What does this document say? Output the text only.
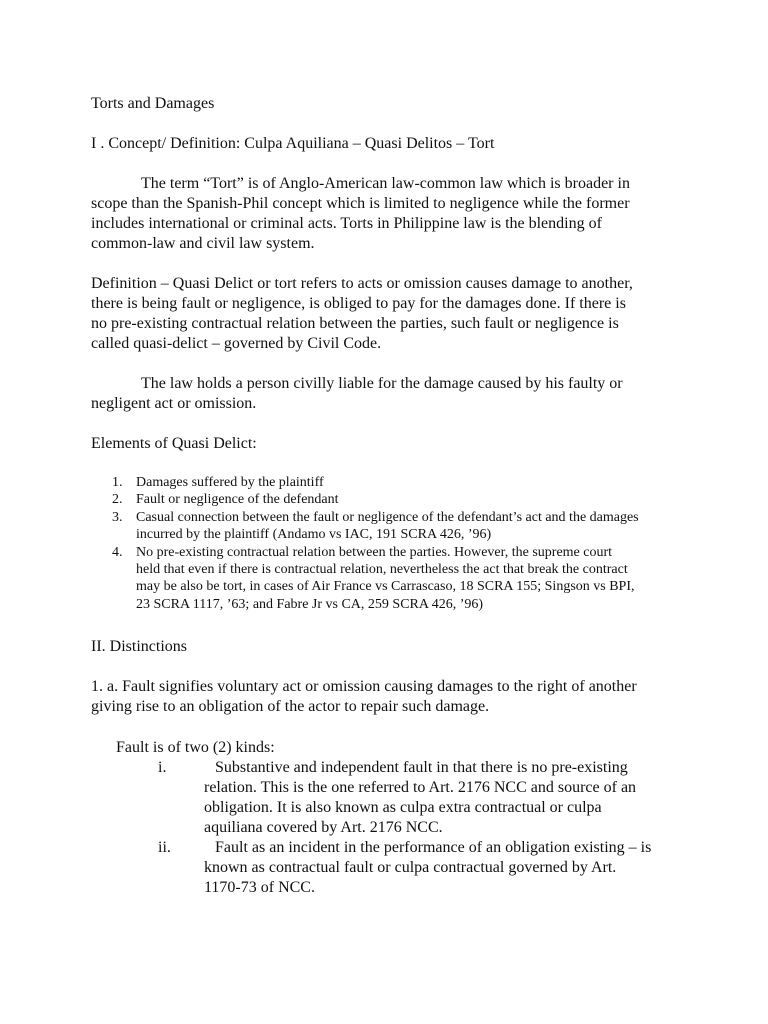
Torts and Damages

I . Concept/ Definition: Culpa Aquiliana – Quasi Delitos – Tort

The term “Tort” is of Anglo-American law-common law which is broader in

scope than the Spanish-Phil concept which is limited to negligence while the former

includes international or criminal acts. Torts in Philippine law is the blending of

common-law and civil law system.

Definition – Quasi Delict or tort refers to acts or omission causes damage to another,

there is being fault or negligence, is obliged to pay for the damages done. If there is

no pre-existing contractual relation between the parties, such fault or negligence is

called quasi-delict – governed by Civil Code.

The law holds a person civilly liable for the damage caused by his faulty or

negligent act or omission.

Elements of Quasi Delict:

1. Damages suffered by the plaintiff
2. Fault or negligence of the defendant
3. Casual connection between the fault or negligence of the defendant’s act and the damages
incurred by the plaintiff (Andamo vs IAC, 191 SCRA 426, ’96)
4. No pre-existing contractual relation between the parties. However, the supreme court
held that even if there is contractual relation, nevertheless the act that break the contract
may be also be tort, in cases of Air France vs Carrascaso, 18 SCRA 155; Singson vs BPI,
23 SCRA 1117, ’63; and Fabre Jr vs CA, 259 SCRA 426, ’96)

II. Distinctions

1. a. Fault signifies voluntary act or omission causing damages to the right of another

giving rise to an obligation of the actor to repair such damage.

Fault is of two (2) kinds:

i.	Substantive and independent fault in that there is no pre-existing

relation. This is the one referred to Art. 2176 NCC and source of an

obligation. It is also known as culpa extra contractual or culpa

aquiliana covered by Art. 2176 NCC.

ii.	Fault as an incident in the performance of an obligation existing – is

known as contractual fault or culpa contractual governed by Art.

1170-73 of NCC.
